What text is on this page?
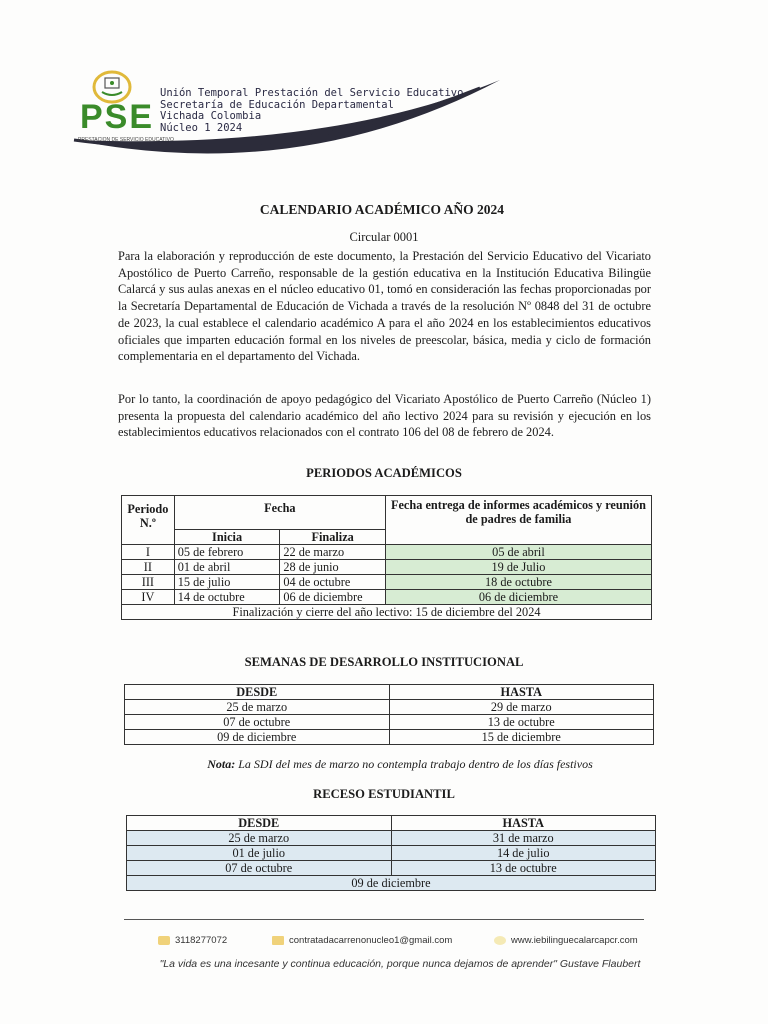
PSE
PRESTACION DE SERVICIO EDUCATIVO
Unión Temporal Prestación del Servicio Educativo
Secretaría de Educación Departamental
Vichada Colombia
Núcleo 1 2024
CALENDARIO ACADÉMICO AÑO 2024
Circular 0001
Para la elaboración y reproducción de este documento, la Prestación del Servicio Educativo del Vicariato Apostólico de Puerto Carreño, responsable de la gestión educativa en la Institución Educativa Bilingüe Calarcá y sus aulas anexas en el núcleo educativo 01, tomó en consideración las fechas proporcionadas por la Secretaría Departamental de Educación de Vichada a través de la resolución Nº 0848 del 31 de octubre de 2023, la cual establece el calendario académico A para el año 2024 en los establecimientos educativos oficiales que imparten educación formal en los niveles de preescolar, básica, media y ciclo de formación complementaria en el departamento del Vichada.
Por lo tanto, la coordinación de apoyo pedagógico del Vicariato Apostólico de Puerto Carreño (Núcleo 1) presenta la propuesta del calendario académico del año lectivo 2024 para su revisión y ejecución en los establecimientos educativos relacionados con el contrato 106 del 08 de febrero de 2024.
PERIODOS ACADÉMICOS
Periodo N.º	Fecha		Fecha entrega de informes académicos y reunión de padres de familia
	Inicia	Finaliza	
I	05 de febrero	22 de marzo	05 de abril
II	01 de abril	28 de junio	19 de Julio
III	15 de julio	04 de octubre	18 de octubre
IV	14 de octubre	06 de diciembre	06 de diciembre
Finalización y cierre del año lectivo: 15 de diciembre del 2024			
SEMANAS DE DESARROLLO INSTITUCIONAL
DESDE	HASTA
25 de marzo	29 de marzo
07 de octubre	13 de octubre
09 de diciembre	15 de diciembre
Nota: La SDI del mes de marzo no contempla trabajo dentro de los días festivos
RECESO ESTUDIANTIL
DESDE	HASTA
25 de marzo	31 de marzo
01 de julio	14 de julio
07 de octubre	13 de octubre
09 de diciembre	
3118277072	contratadacarrenonucleo1@gmail.com	www.iebilinguecalarcapcr.com
"La vida es una incesante y continua educación, porque nunca dejamos de aprender" Gustave Flaubert
